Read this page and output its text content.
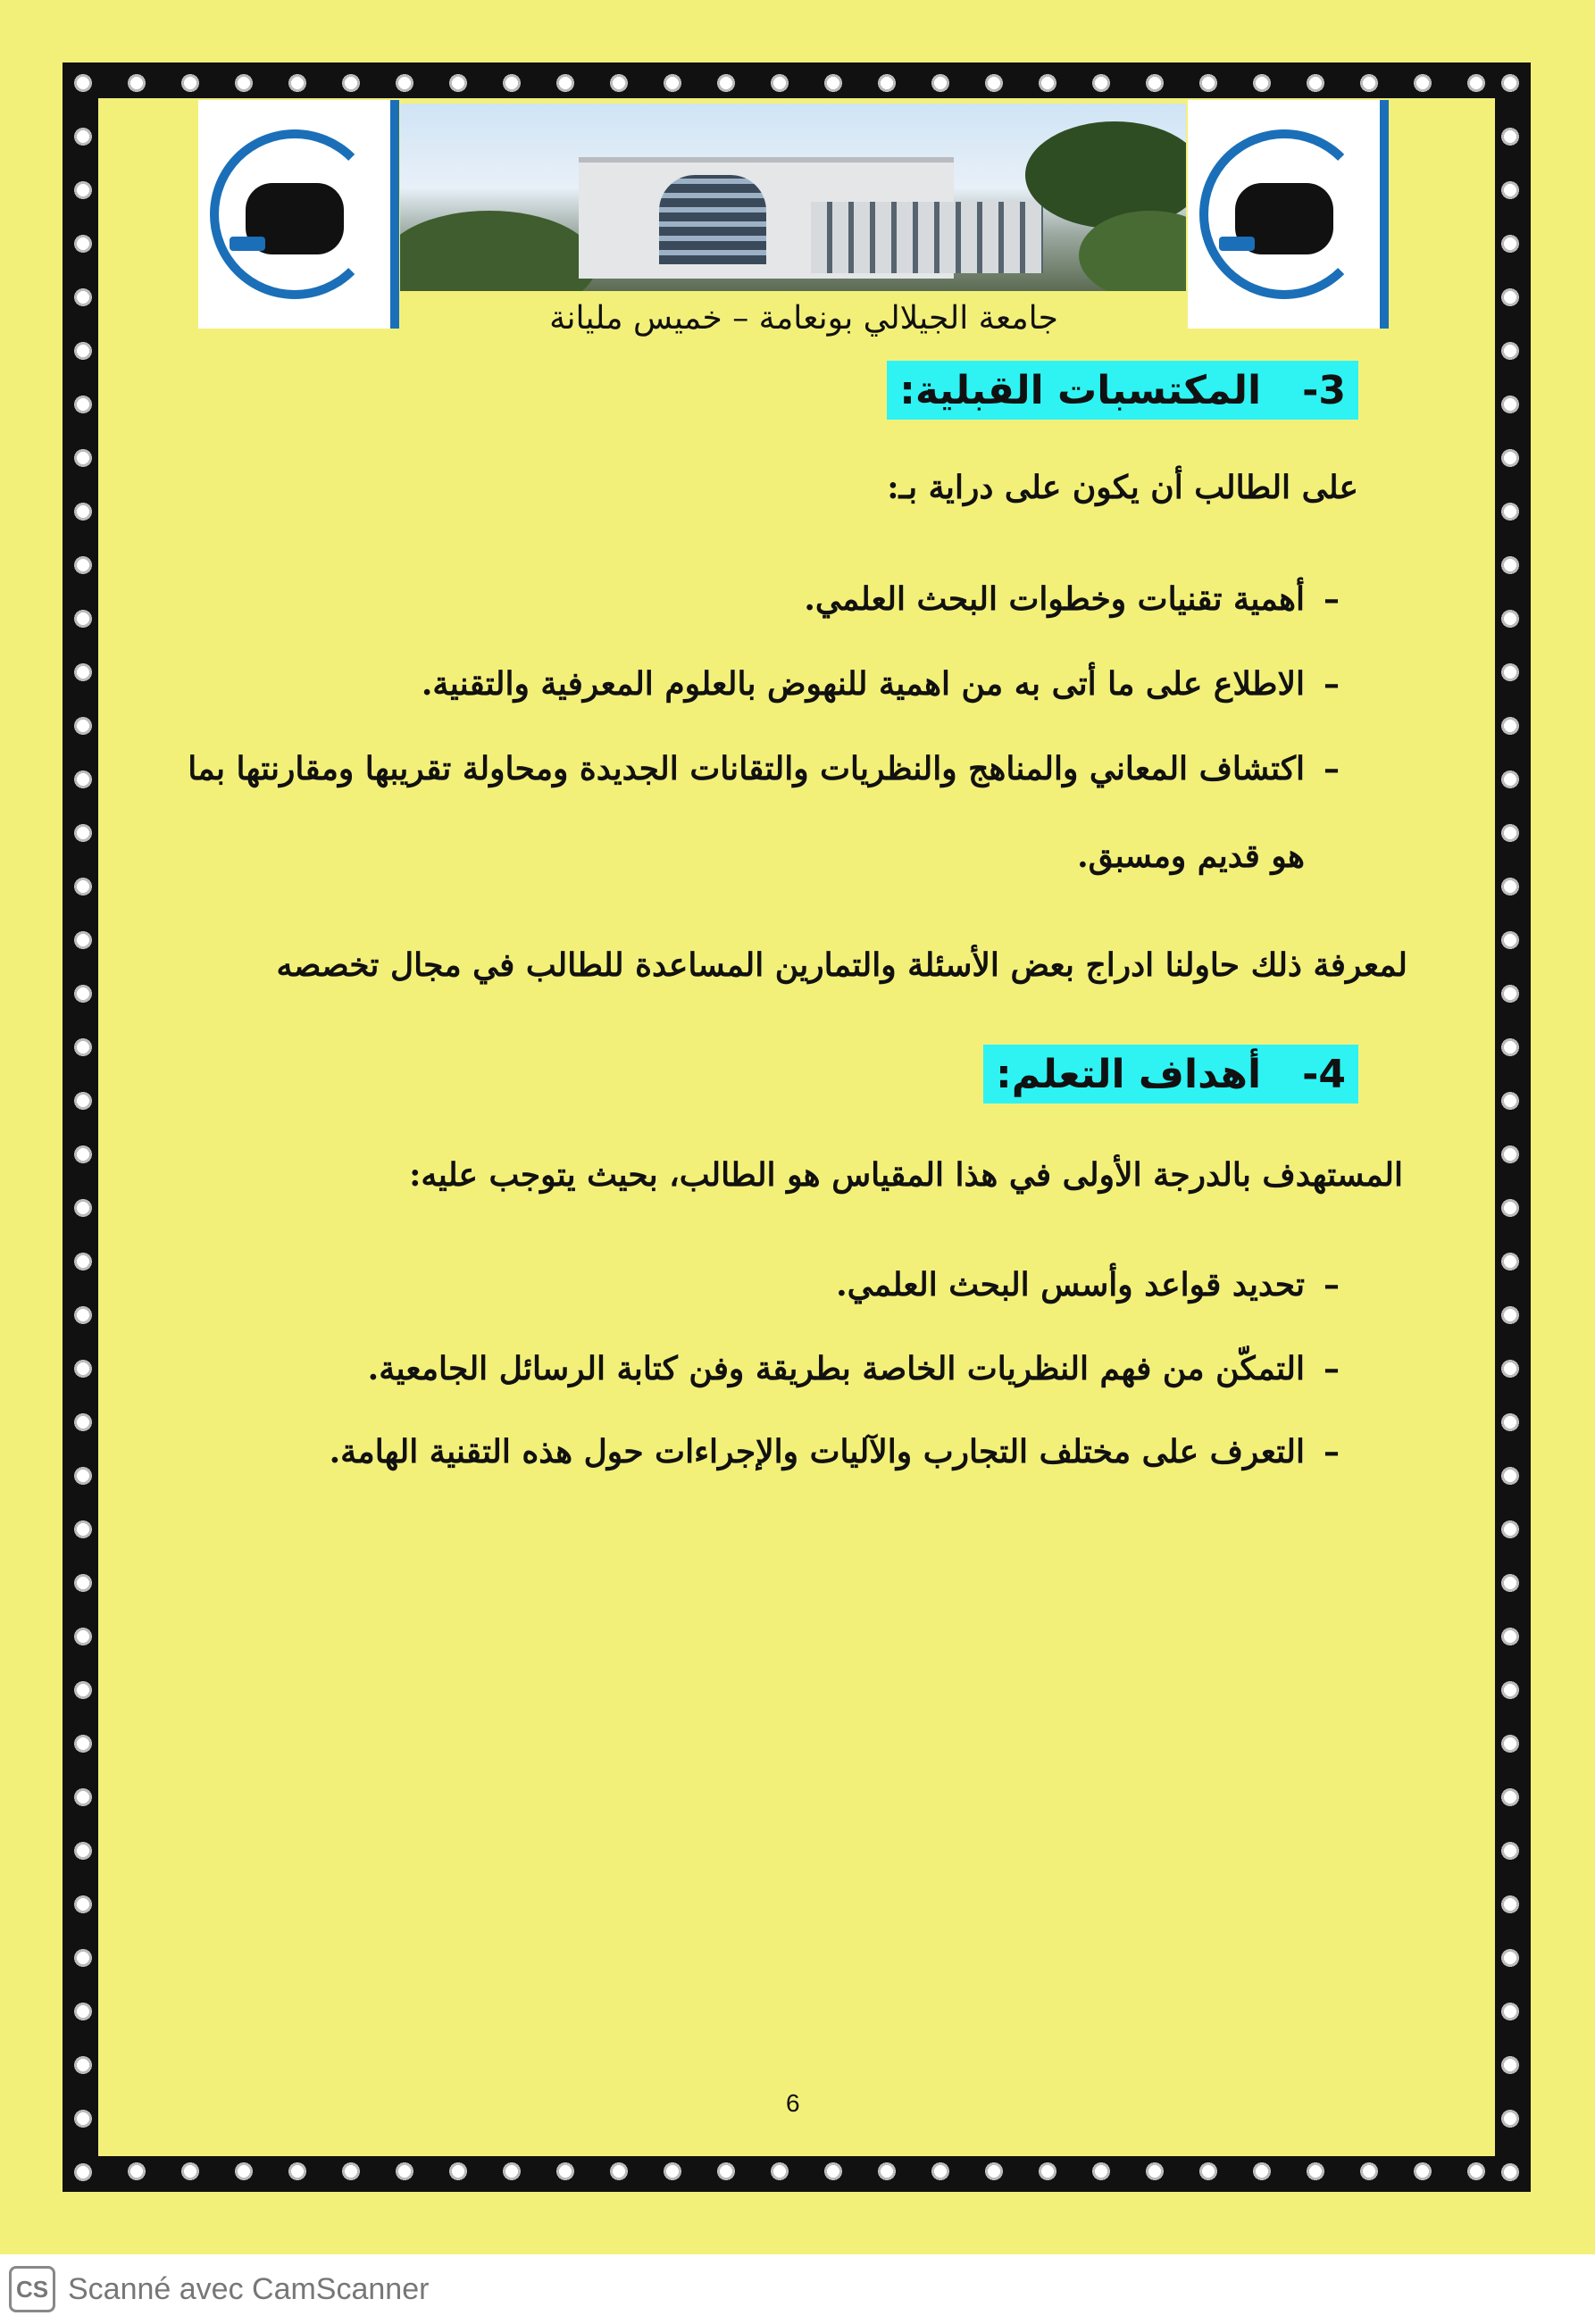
جامعة الجيلالي بونعامة – خميس مليانة
3-
المكتسبات القبلية:
على الطالب أن يكون على دراية بـ:
–أهمية تقنيات وخطوات البحث العلمي.
–الاطلاع على ما أتى به من اهمية للنهوض بالعلوم المعرفية والتقنية.
–اكتشاف المعاني والمناهج والنظريات والتقانات الجديدة ومحاولة تقريبها ومقارنتها بما
هو قديم ومسبق.
لمعرفة ذلك حاولنا ادراج بعض الأسئلة والتمارين المساعدة للطالب في مجال تخصصه
4-
أهداف التعلم:
المستهدف بالدرجة الأولى في هذا المقياس هو الطالب، بحيث يتوجب عليه:
–تحديد قواعد وأسس البحث العلمي.
–التمكّن من فهم النظريات الخاصة بطريقة وفن كتابة الرسائل الجامعية.
–التعرف على مختلف التجارب والآليات والإجراءات حول هذه التقنية الهامة.
6
CS Scanné avec CamScanner
